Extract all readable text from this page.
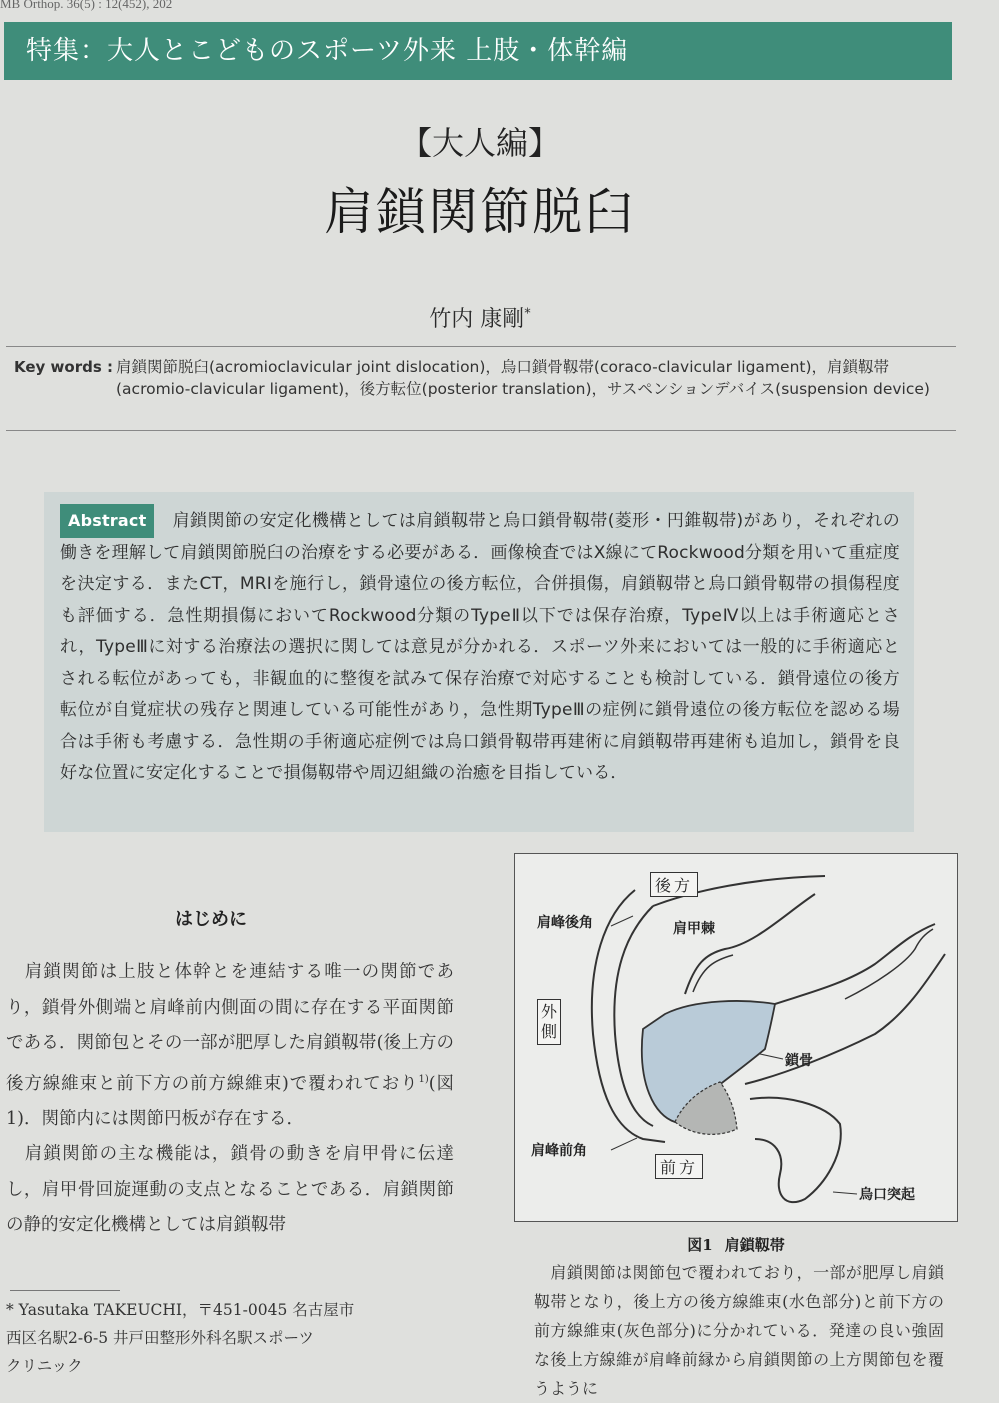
MB Orthop. 36(5) : 12(452), 202
特集：大人とこどものスポーツ外来 上肢・体幹編
【大人編】
肩鎖関節脱臼
竹内 康剛*
Key words : 肩鎖関節脱臼(acromioclavicular joint dislocation)，烏口鎖骨靱帯(coraco-clavicular ligament)，肩鎖靱帯(acromio-clavicular ligament)，後方転位(posterior translation)，サスペンションデバイス(suspension device)
Abstract 肩鎖関節の安定化機構としては肩鎖靱帯と烏口鎖骨靱帯(菱形・円錐靱帯)があり，それぞれの働きを理解して肩鎖関節脱臼の治療をする必要がある．画像検査ではX線にてRockwood分類を用いて重症度を決定する．またCT，MRIを施行し，鎖骨遠位の後方転位，合併損傷，肩鎖靱帯と烏口鎖骨靱帯の損傷程度も評価する．急性期損傷においてRockwood分類のTypeⅡ以下では保存治療，TypeⅣ以上は手術適応とされ，TypeⅢに対する治療法の選択に関しては意見が分かれる．スポーツ外来においては一般的に手術適応とされる転位があっても，非観血的に整復を試みて保存治療で対応することも検討している．鎖骨遠位の後方転位が自覚症状の残存と関連している可能性があり，急性期TypeⅢの症例に鎖骨遠位の後方転位を認める場合は手術も考慮する．急性期の手術適応症例では烏口鎖骨靱帯再建術に肩鎖靱帯再建術も追加し，鎖骨を良好な位置に安定化することで損傷靱帯や周辺組織の治癒を目指している．
はじめに

 肩鎖関節は上肢と体幹とを連結する唯一の関節であり，鎖骨外側端と肩峰前内側面の間に存在する平面関節である．関節包とその一部が肥厚した肩鎖靱帯(後上方の後方線維束と前下方の前方線維束)で覆われており$^{1)}$(図1)．関節内には関節円板が存在する．

 肩鎖関節の主な機能は，鎖骨の動きを肩甲骨に伝達し，肩甲骨回旋運動の支点となることである．肩鎖関節の静的安定化機構としては肩鎖靱帯

* Yasutaka TAKEUCHI，〒451-0045 名古屋市
西区名駅2-6-5 井戸田整形外科名駅スポーツ
クリニック
後方
前方
外側
肩峰後角	肩甲棘
鎖骨
肩峰前角
烏口突起
図1 肩鎖靱帯
 肩鎖関節は関節包で覆われており，一部が肥厚し肩鎖靱帯となり，後上方の後方線維束(水色部分)と前下方の前方線維束(灰色部分)に分かれている．発達の良い強固な後上方線維が肩峰前縁から肩鎖関節の上方関節包を覆うように
